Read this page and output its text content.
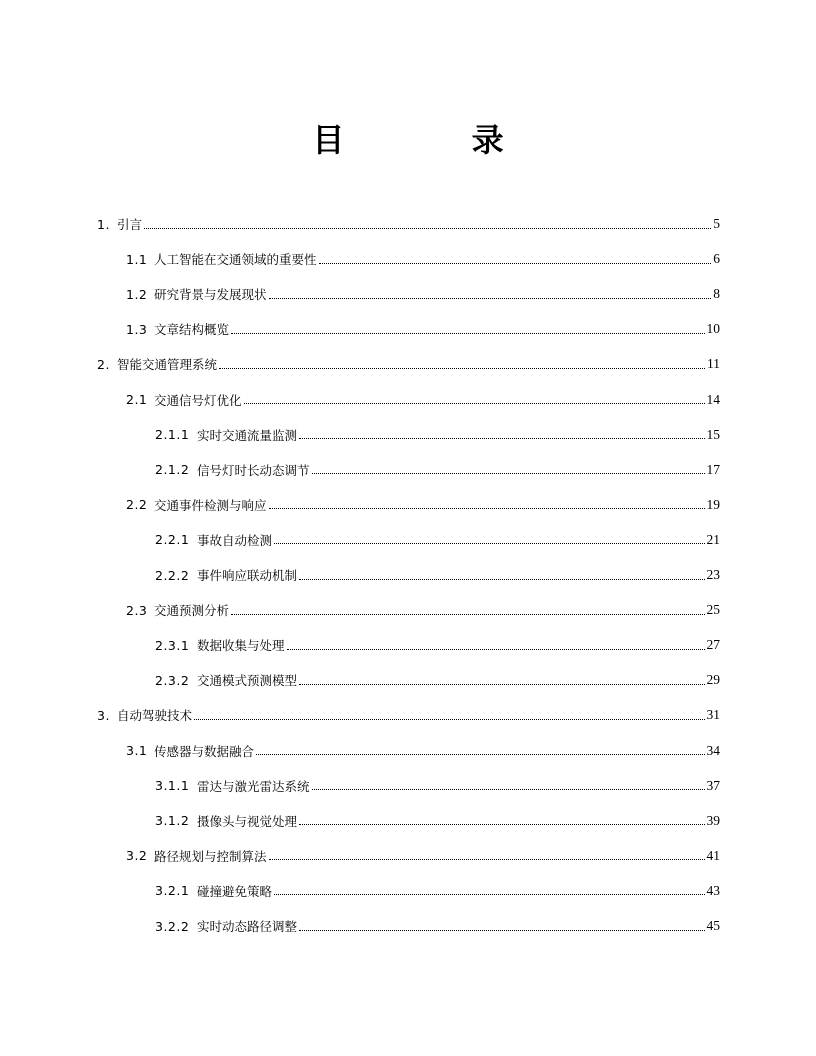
目 录
1. 引言	5
1.1 人工智能在交通领域的重要性	6
1.2 研究背景与发展现状	8
1.3 文章结构概览	10
2. 智能交通管理系统	11
2.1 交通信号灯优化	14
2.1.1 实时交通流量监测	15
2.1.2 信号灯时长动态调节	17
2.2 交通事件检测与响应	19
2.2.1 事故自动检测	21
2.2.2 事件响应联动机制	23
2.3 交通预测分析	25
2.3.1 数据收集与处理	27
2.3.2 交通模式预测模型	29
3. 自动驾驶技术	31
3.1 传感器与数据融合	34
3.1.1 雷达与激光雷达系统	37
3.1.2 摄像头与视觉处理	39
3.2 路径规划与控制算法	41
3.2.1 碰撞避免策略	43
3.2.2 实时动态路径调整	45
